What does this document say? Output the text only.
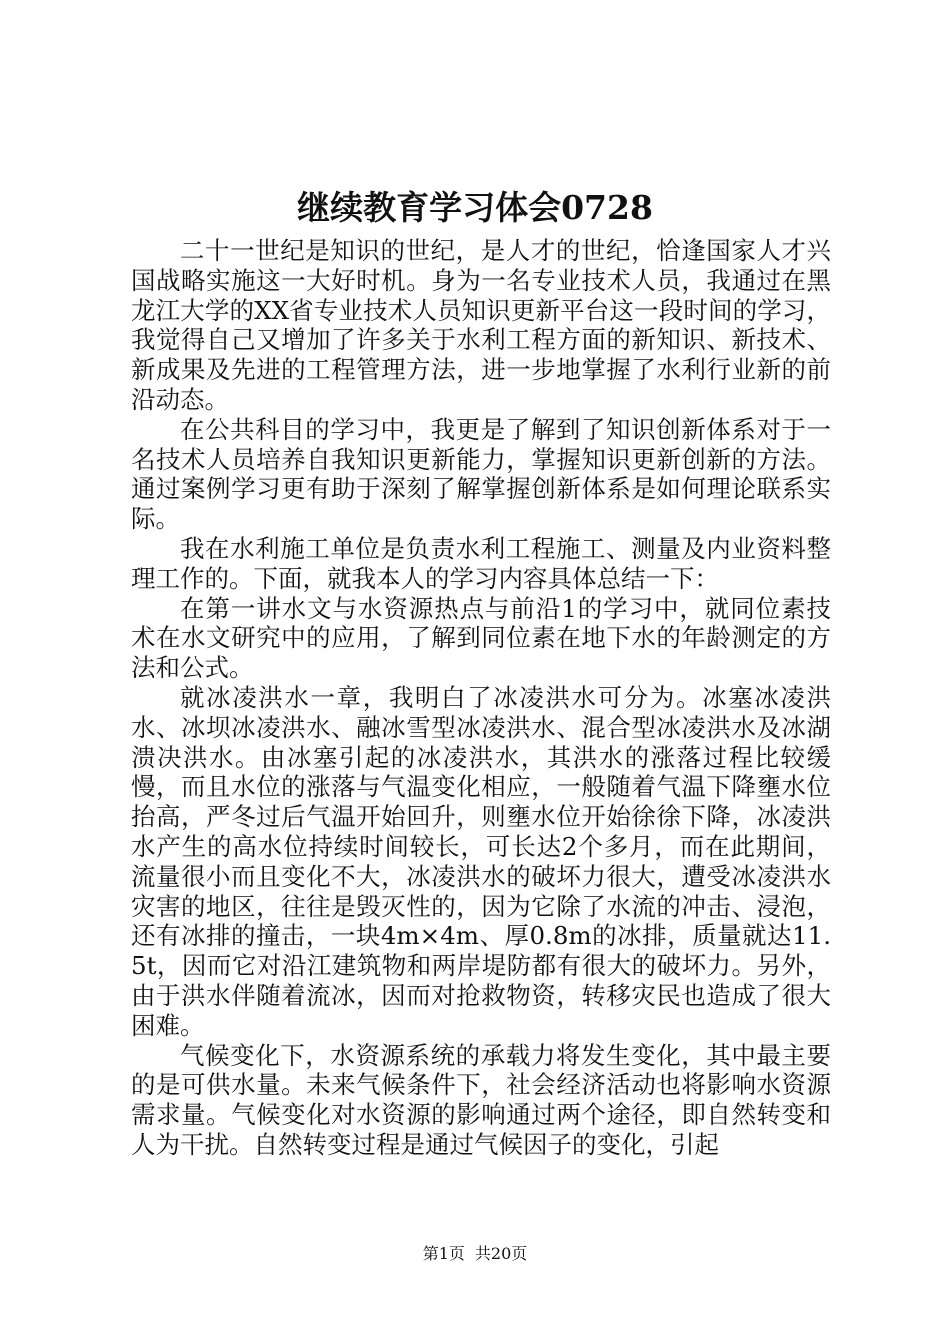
继续教育学习体会0728

二十一世纪是知识的世纪，是人才的世纪，恰逢国家人才兴国战略实施这一大好时机。身为一名专业技术人员，我通过在黑龙江大学的XX省专业技术人员知识更新平台这一段时间的学习，我觉得自己又增加了许多关于水利工程方面的新知识、新技术、新成果及先进的工程管理方法，进一步地掌握了水利行业新的前沿动态。

在公共科目的学习中，我更是了解到了知识创新体系对于一名技术人员培养自我知识更新能力，掌握知识更新创新的方法。通过案例学习更有助于深刻了解掌握创新体系是如何理论联系实际。

我在水利施工单位是负责水利工程施工、测量及内业资料整理工作的。下面，就我本人的学习内容具体总结一下：

在第一讲水文与水资源热点与前沿1的学习中，就同位素技术在水文研究中的应用，了解到同位素在地下水的年龄测定的方法和公式。

就冰凌洪水一章，我明白了冰凌洪水可分为。冰塞冰凌洪水、冰坝冰凌洪水、融冰雪型冰凌洪水、混合型冰凌洪水及冰湖溃决洪水。由冰塞引起的冰凌洪水，其洪水的涨落过程比较缓慢，而且水位的涨落与气温变化相应，一般随着气温下降壅水位抬高，严冬过后气温开始回升，则壅水位开始徐徐下降，冰凌洪水产生的高水位持续时间较长，可长达2个多月，而在此期间，流量很小而且变化不大，冰凌洪水的破坏力很大，遭受冰凌洪水灾害的地区，往往是毁灭性的，因为它除了水流的冲击、浸泡，还有冰排的撞击，一块4m×4m、厚0.8m的冰排，质量就达11.5t，因而它对沿江建筑物和两岸堤防都有很大的破坏力。另外，由于洪水伴随着流冰，因而对抢救物资，转移灾民也造成了很大困难。

气候变化下，水资源系统的承载力将发生变化，其中最主要的是可供水量。未来气候条件下，社会经济活动也将影响水资源需求量。气候变化对水资源的影响通过两个途径，即自然转变和人为干扰。自然转变过程是通过气候因子的变化，引起

第1页 共20页
